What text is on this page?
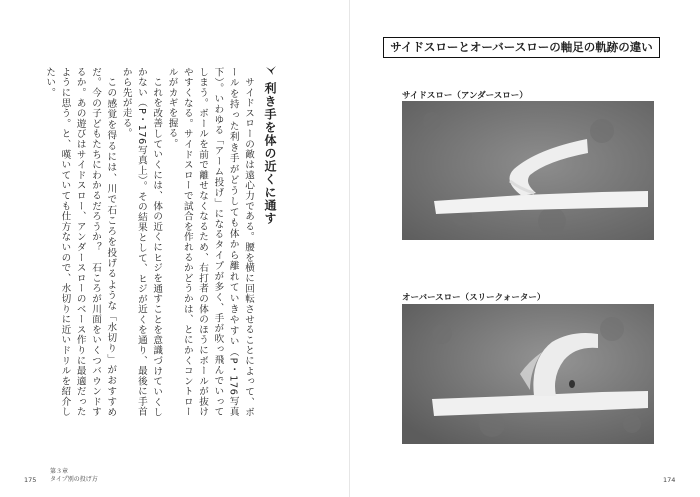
利き手を体の近くに通す

サイドスローの敵は遠心力である。腰を横に回転させることによって、ボールを持った利き手がどうしても体から離れていきやすい（P・176写真下）。いわゆる「アーム投げ」になるタイプが多く、手が吹っ飛んでいってしまう。ボールを前で離せなくなるため、右打者の体のほうにボールが抜けやすくなる。サイドスローで試合を作れるかどうかは、とにかくコントロールがカギを握る。

これを改善していくには、体の近くにヒジを通すことを意識づけていくしかない（P・176写真上）。その結果として、ヒジが近くを通り、最後に手首から先が走る。

この感覚を得るには、川で石ころを投げるような「水切り」がおすすめだ。今の子どもたちにわかるだろうか？　石ころが川面をいくつバウンドするか。あの遊びはサイドスロー、アンダースローのベース作りに最適だったように思う。と、嘆いていても仕方ないので、水切りに近いドリルを紹介したい。

第３章
タイプ別の投げ方
175
サイドスローとオーバースローの軸足の軌跡の違い
サイドスロー（アンダースロー）
オーバースロー（スリークォーター）
174
